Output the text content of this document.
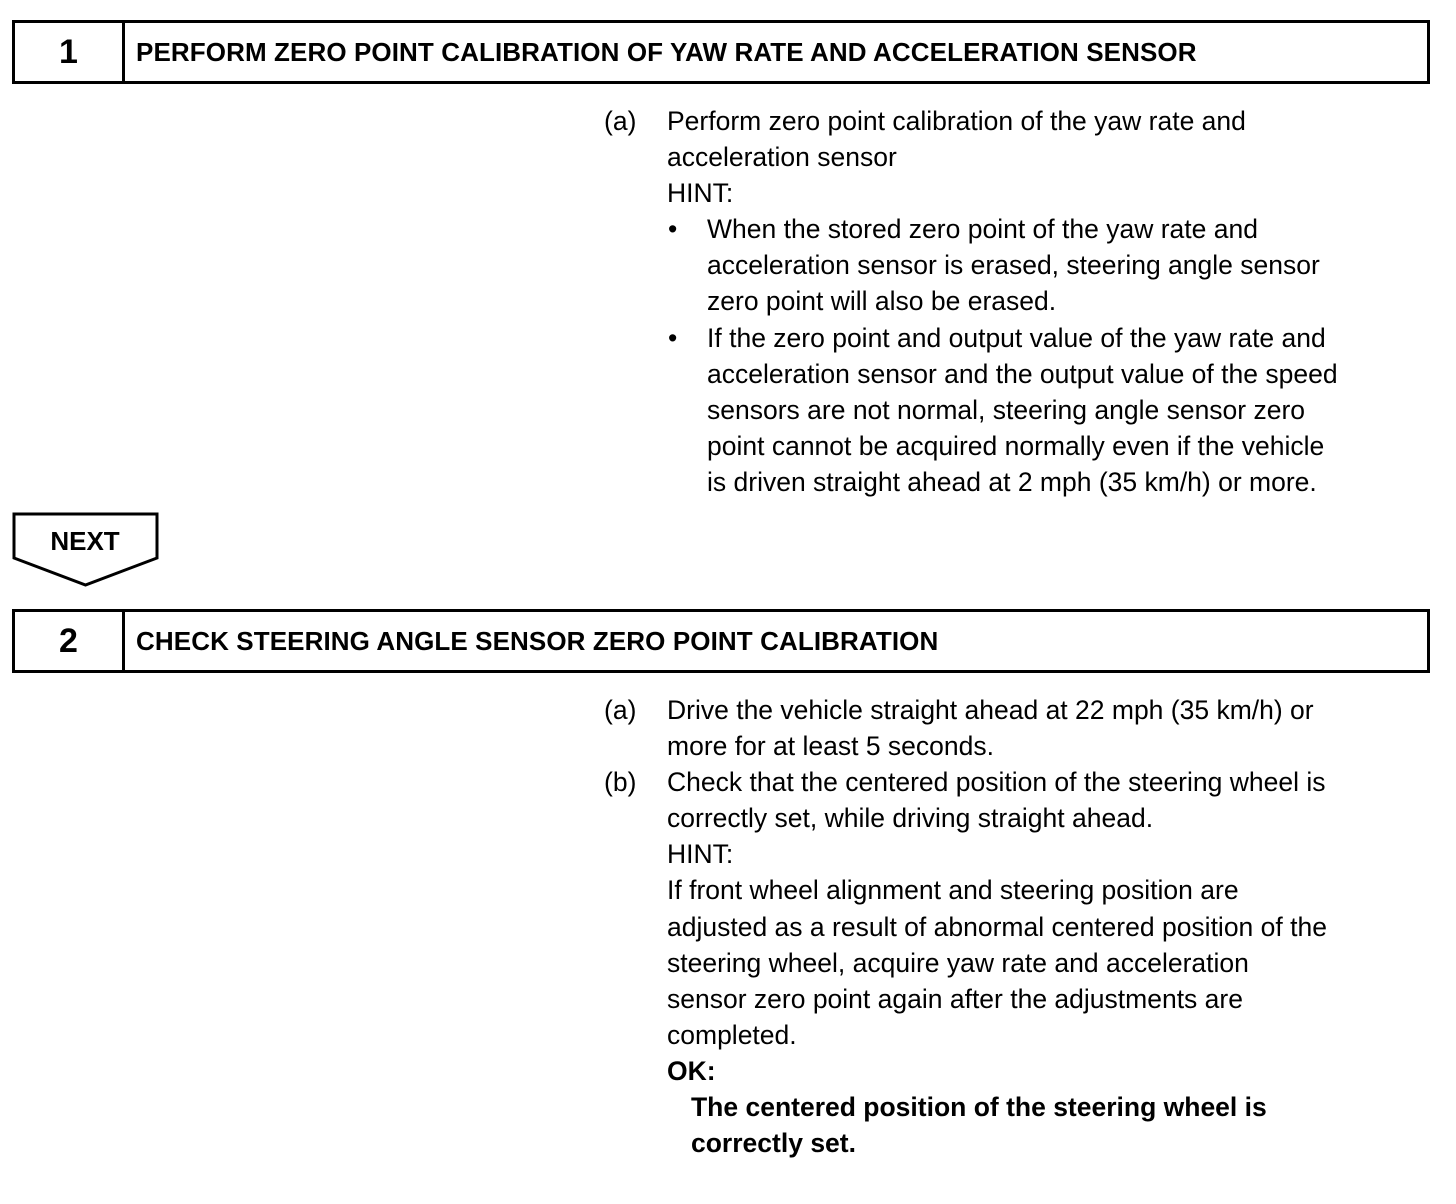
1	PERFORM ZERO POINT CALIBRATION OF YAW RATE AND ACCELERATION SENSOR
(a)	Perform zero point calibration of the yaw rate and
acceleration sensor
HINT:
•	When the stored zero point of the yaw rate and
acceleration sensor is erased, steering angle sensor
zero point will also be erased.
•	If the zero point and output value of the yaw rate and
acceleration sensor and the output value of the speed
sensors are not normal, steering angle sensor zero
point cannot be acquired normally even if the vehicle
is driven straight ahead at 2 mph (35 km/h) or more.
NEXT
2	CHECK STEERING ANGLE SENSOR ZERO POINT CALIBRATION
(a)	Drive the vehicle straight ahead at 22 mph (35 km/h) or
more for at least 5 seconds.
(b)	Check that the centered position of the steering wheel is
correctly set, while driving straight ahead.
HINT:
If front wheel alignment and steering position are
adjusted as a result of abnormal centered position of the
steering wheel, acquire yaw rate and acceleration
sensor zero point again after the adjustments are
completed.
OK:
The centered position of the steering wheel is
correctly set.
